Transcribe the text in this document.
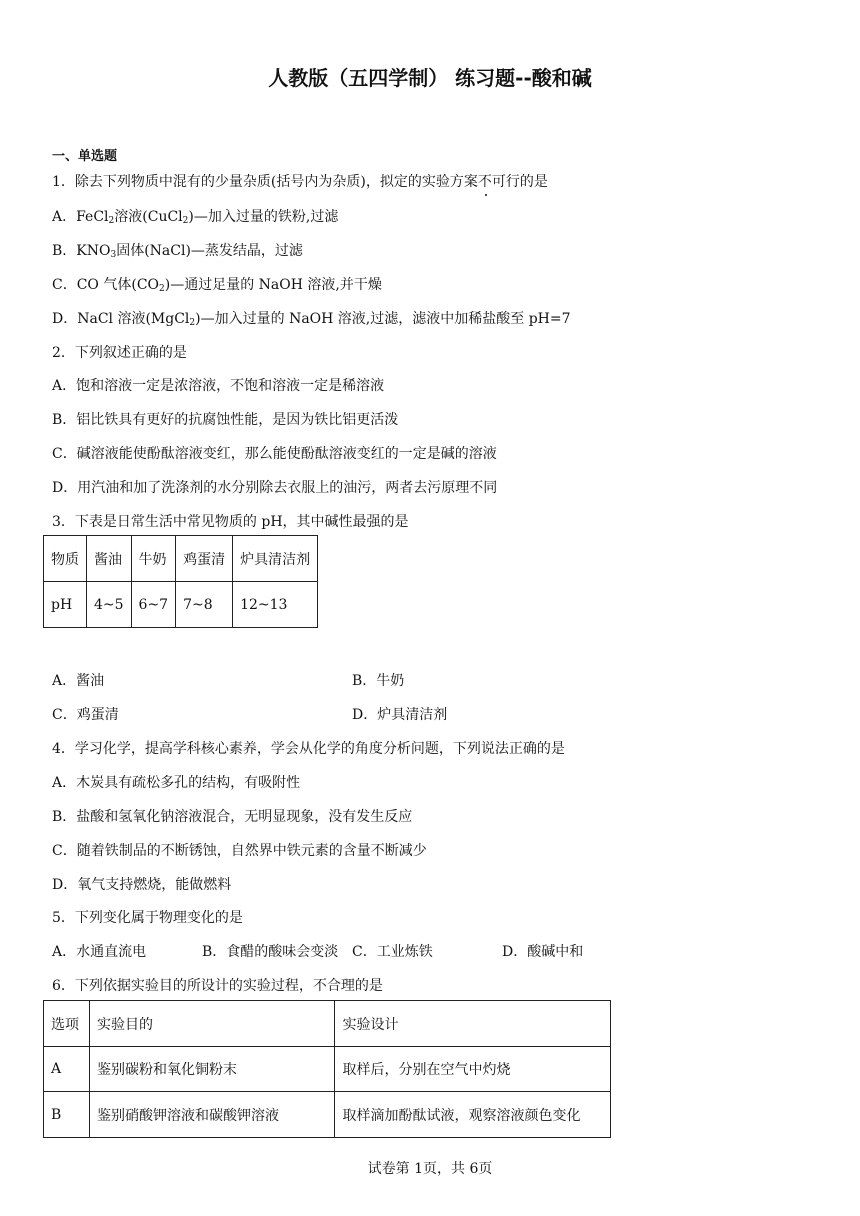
人教版（五四学制） 练习题--酸和碱
一、单选题
1．除去下列物质中混有的少量杂质(括号内为杂质)，拟定的实验方案不可行的是
A．FeCl$_2$溶液(CuCl$_2$)—加入过量的铁粉,过滤
B．$KNO_3$固体(NaCl)—蒸发结晶，过滤
C．CO 气体$(CO_2)—$通过足量的 NaOH 溶液,并干燥
D．NaCl 溶液(MgCl$_2$)—加入过量的 NaOH 溶液,过滤，滤液中加稀盐酸至 pH=7
2．下列叙述正确的是
A．饱和溶液一定是浓溶液，不饱和溶液一定是稀溶液
B．铝比铁具有更好的抗腐蚀性能，是因为铁比铝更活泼
C．碱溶液能使酚酞溶液变红，那么能使酚酞溶液变红的一定是碱的溶液
D．用汽油和加了洗涤剂的水分别除去衣服上的油污，两者去污原理不同
3．下表是日常生活中常见物质的 pH，其中碱性最强的是
物质	酱油	牛奶	鸡蛋清	炉具清洁剂
pH	4~5	6~7	7~8	12~13
A．酱油	B．牛奶
C．鸡蛋清	D．炉具清洁剂
4．学习化学，提高学科核心素养，学会从化学的角度分析问题，下列说法正确的是
A．木炭具有疏松多孔的结构，有吸附性
B．盐酸和氢氧化钠溶液混合，无明显现象，没有发生反应
C．随着铁制品的不断锈蚀，自然界中铁元素的含量不断减少
D．氧气支持燃烧，能做燃料
5．下列变化属于物理变化的是
A．水通直流电	B．食醋的酸味会变淡 C．工业炼铁	D．酸碱中和
6．下列依据实验目的所设计的实验过程，不合理的是
选项	实验目的	实验设计
A	鉴别碳粉和氧化铜粉末	取样后，分别在空气中灼烧
B	鉴别硝酸钾溶液和碳酸钾溶液	取样滴加酚酞试液，观察溶液颜色变化
试卷第 1页，共 6页
